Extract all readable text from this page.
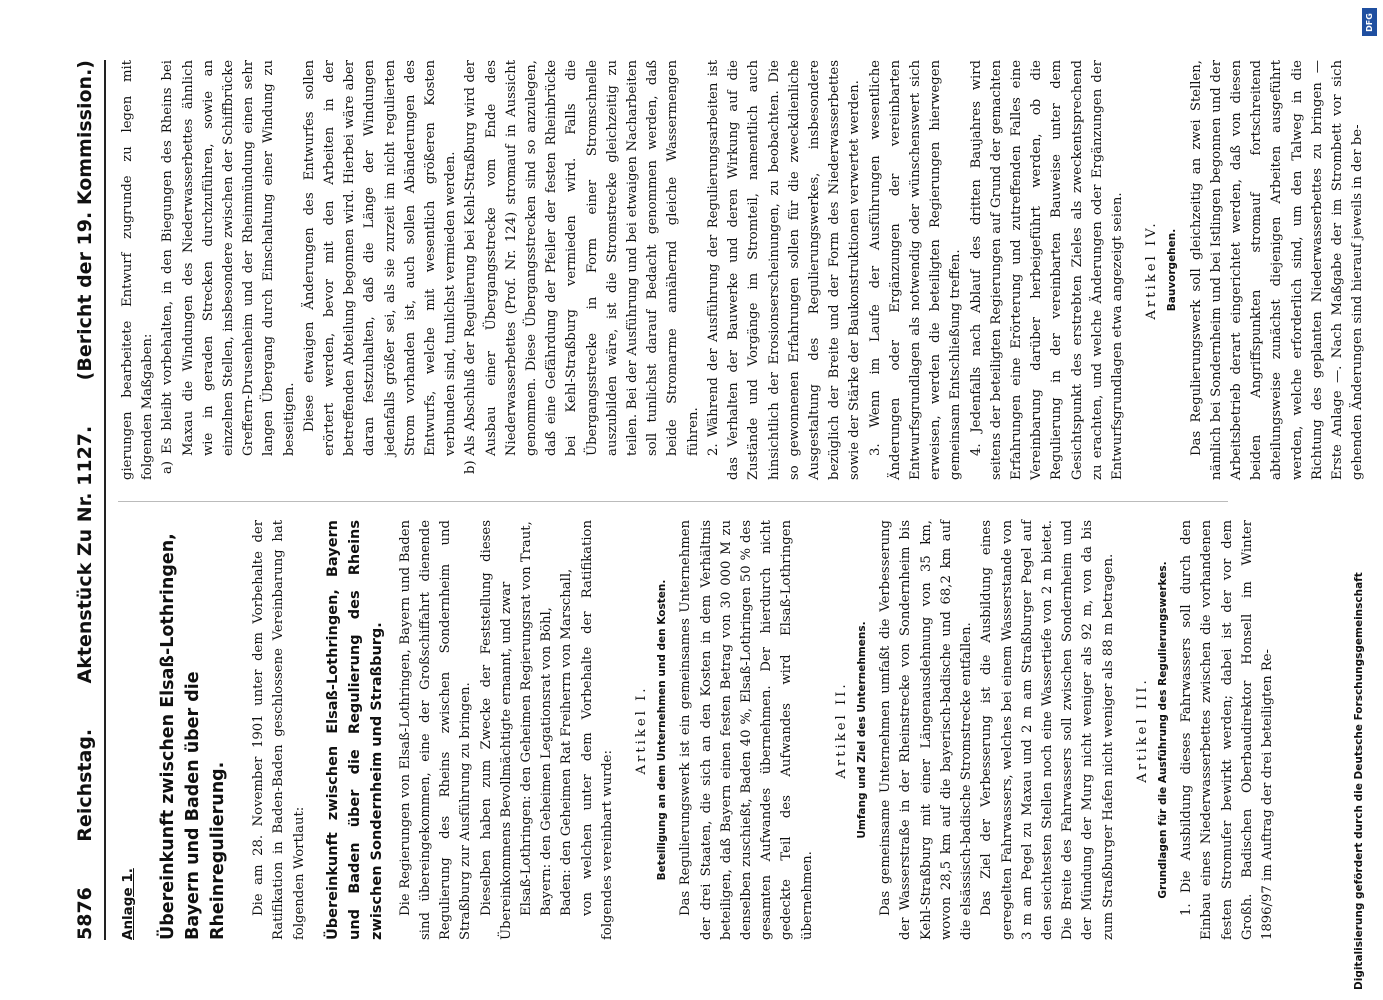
5876
Reichstag.
Aktenstück Zu Nr. 1127.
(Bericht der 19. Kommission.)
Anlage 1. Übereinkunft zwischen Elsaß-Lothringen, Bayern und Baden über die Rheinregulierung. Die am 28. November 1901 unter dem Vorbehalte der Ratifikation in Baden-Baden geschlossene Vereinbarung hat folgenden Wortlaut: Übereinkunft zwischen Elsaß-Lothringen, Bayern und Baden über die Regulierung des Rheins zwischen Sondernheim und Straßburg. Die Regierungen von Elsaß-Lothringen, Bayern und Baden sind übereingekommen, eine der Großschiffahrt dienende Regulierung des Rheins zwischen Sondernheim und Straßburg zur Ausführung zu bringen. Dieselben haben zum Zwecke der Feststellung dieses Übereinkommens Bevollmächtigte ernannt, und zwar Elsaß-Lothringen: den Geheimen Regierungsrat von Traut, Bayern: den Geheimen Legationsrat von Böhl, Baden: den Geheimen Rat Freiherrn von Marschall, von welchen unter dem Vorbehalte der Ratifikation folgendes vereinbart wurde:

Artikel I. Beteiligung an dem Unternehmen und den Kosten. Das Regulierungswerk ist ein gemeinsames Unternehmen der drei Staaten, die sich an den Kosten in dem Verhältnis beteiligen, daß Bayern einen festen Betrag von 30 000 M zu denselben zuschießt, Baden 40 %, Elsaß-Lothringen 50 % des gesamten Aufwandes übernehmen. Der hierdurch nicht gedeckte Teil des Aufwandes wird Elsaß-Lothringen übernehmen.

Artikel II. Umfang und Ziel des Unternehmens. Das gemeinsame Unternehmen umfaßt die Verbesserung der Wasserstraße in der Rheinstrecke von Sondernheim bis Kehl-Straßburg mit einer Längenausdehnung von 35 km, wovon 28,5 km auf die bayerisch-badische und 68,2 km auf die elsässisch-badische Stromstrecke entfallen. Das Ziel der Verbesserung ist die Ausbildung eines geregelten Fahrwassers, welches bei einem Wasserstande von 3 m am Pegel zu Maxau und 2 m am Straßburger Pegel auf den seichtesten Stellen noch eine Wassertiefe von 2 m bietet. Die Breite des Fahrwassers soll zwischen Sondernheim und der Mündung der Murg nicht weniger als 92 m, von da bis zum Straßburger Hafen nicht weniger als 88 m betragen. Artikel III. Grundlagen für die Ausführung des Regulierungswerkes. 1. Die Ausbildung dieses Fahrwassers soll durch den Einbau eines Niederwasserbettes zwischen die vorhandenen festen Stromufer bewirkt werden; dabei ist der vor dem Großh. Badischen Oberbaudirektor Honsell im Winter 1896/97 im Auftrag der drei beteiligten Re-

gierungen bearbeitete Entwurf zugrunde zu legen mit folgenden Maßgaben: a) Es bleibt vorbehalten, in den Biegungen des Rheins bei Maxau die Windungen des Niederwasserbettes ähnlich wie in geraden Strecken durchzuführen, sowie an einzelnen Stellen, insbesondere zwischen der Schiffbrücke Greffern-Drusenheim und der Rheinmündung einen sehr langen Übergang durch Einschaltung einer Windung zu beseitigen. Diese etwaigen Änderungen des Entwurfes sollen erörtert werden, bevor mit den Arbeiten in der betreffenden Abteilung begonnen wird. Hierbei wäre aber daran festzuhalten, daß die Länge der Windungen jedenfalls größer sei, als sie zurzeit im nicht regulierten Strom vorhanden ist, auch sollen Abänderungen des Entwurfs, welche mit wesentlich größeren Kosten verbunden sind, tunlichst vermieden werden. b) Als Abschluß der Regulierung bei Kehl-Straßburg wird der Ausbau einer Übergangsstrecke vom Ende des Niederwasserbettes (Prof. Nr. 124) stromauf in Aussicht genommen. Diese Übergangsstrecken sind so anzulegen, daß eine Gefährdung der Pfeiler der festen Rheinbrücke bei Kehl-Straßburg vermieden wird. Falls die Übergangsstrecke in Form einer Stromschnelle auszubilden wäre, ist die Stromstrecke gleichzeitig zu teilen. Bei der Ausführung und bei etwaigen Nacharbeiten soll tunlichst darauf Bedacht genommen werden, daß beide Stromarme annähernd gleiche Wassermengen führen. 2. Während der Ausführung der Regulierungsarbeiten ist das Verhalten der Bauwerke und deren Wirkung auf die Zustände und Vorgänge im Stromteil, namentlich auch hinsichtlich der Erosionserscheinungen, zu beobachten. Die so gewonnenen Erfahrungen sollen für die zweckdienliche Ausgestaltung des Regulierungswerkes, insbesondere bezüglich der Breite und der Form des Niederwasserbettes sowie der Stärke der Baukonstruktionen verwertet werden. 3. Wenn im Laufe der Ausführungen wesentliche Änderungen oder Ergänzungen der vereinbarten Entwurfsgrundlagen als notwendig oder wünschenswert sich erweisen, werden die beteiligten Regierungen hierwegen gemeinsam Entschließung treffen. 4. Jedenfalls nach Ablauf des dritten Baujahres wird seitens der beteiligten Regierungen auf Grund der gemachten Erfahrungen eine Erörterung und zutreffenden Falles eine Vereinbarung darüber herbeigeführt werden, ob die Regulierung in der vereinbarten Bauweise unter dem Gesichtspunkt des erstrebten Zieles als zweckentsprechend zu erachten, und welche Änderungen oder Ergänzungen der Entwurfsgrundlagen etwa angezeigt seien. Artikel IV. Bauvorgehen. Das Regulierungswerk soll gleichzeitig an zwei Stellen, nämlich bei Sondernheim und bei Istlingen begonnen und der Arbeitsbetrieb derart eingerichtet werden, daß von diesen beiden Angriffspunkten stromauf fortschreitend abteilungsweise zunächst diejenigen Arbeiten ausgeführt werden, welche erforderlich sind, um den Talweg in die Richtung des geplanten Niederwasserbettes zu bringen — Erste Anlage —. Nach Maßgabe der im Strombett vor sich gehenden Änderungen sind hierauf jeweils in der be-

Digitalisierung gefördert durch die Deutsche Forschungsgemeinschaft
DFG
